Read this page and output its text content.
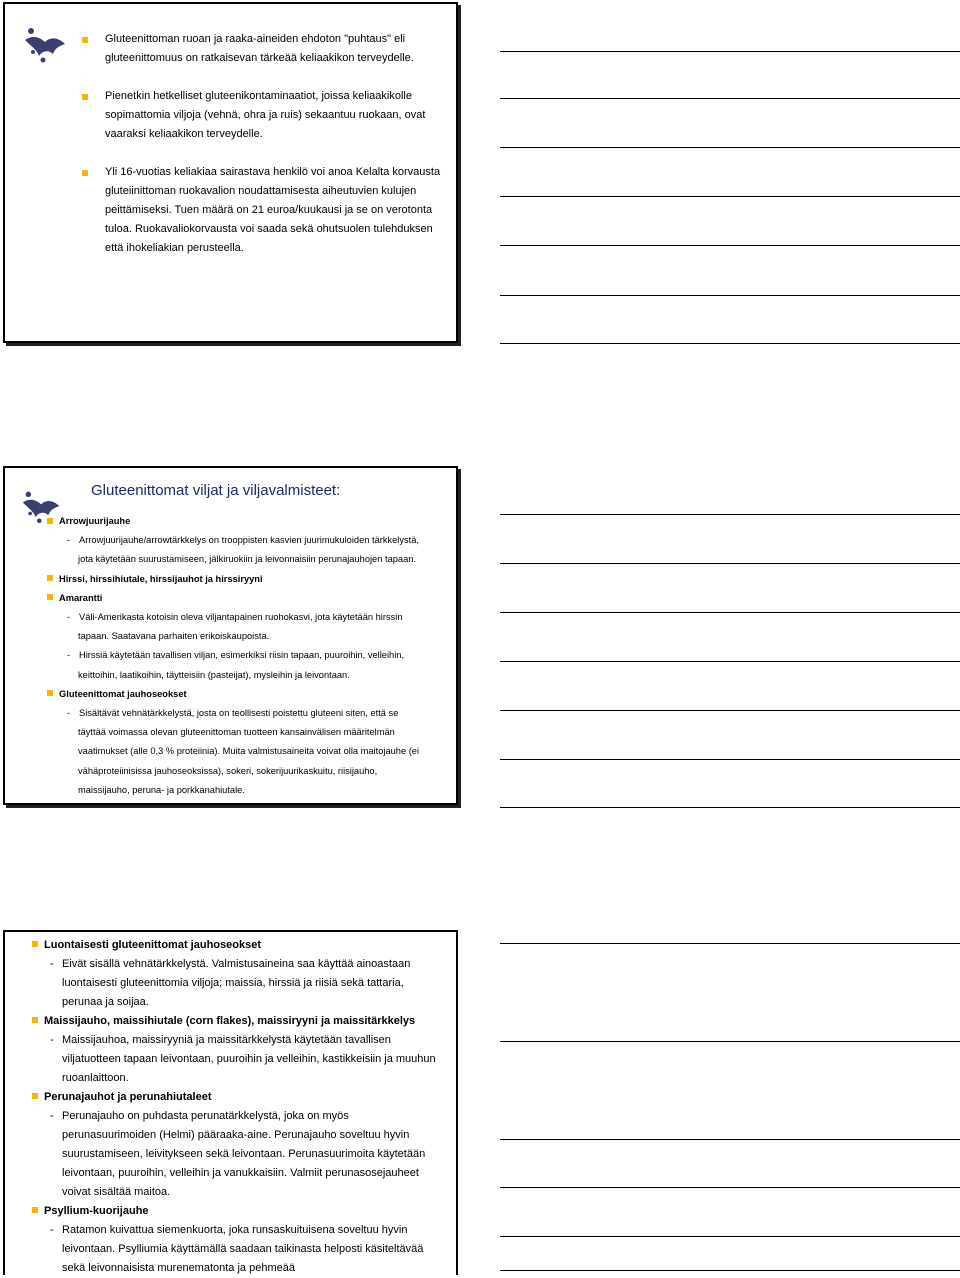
Gluteenittoman ruoan ja raaka-aineiden ehdoton "puhtaus" eli gluteenittomuus on ratkaisevan tärkeää keliaakikon terveydelle.
Pienetkin hetkelliset gluteenikontaminaatiot, joissa keliaakikolle sopimattomia viljoja (vehnä, ohra ja ruis) sekaantuu ruokaan, ovat vaaraksi keliaakikon terveydelle.
Yli 16-vuotias keliakiaa sairastava henkilö voi anoa Kelalta korvausta gluteiinittoman ruokavalion noudattamisesta aiheutuvien kulujen peittämiseksi. Tuen määrä on 21 euroa/kuukausi ja se on verotonta tuloa. Ruokavaliokorvausta voi saada sekä ohutsuolen tulehduksen että ihokeliakian perusteella.
Gluteenittomat viljat ja viljavalmisteet:
Arrowjuurijauhe
- Arrowjuurijauhe/arrowtärkkelys on trooppisten kasvien juurimukuloiden tärkkelystä,
jota käytetään suurustamiseen, jälkiruokiin ja leivonnaisiin perunajauhojen tapaan.
Hirssi, hirssihiutale, hirssijauhot ja hirssiryyni
Amarantti
- Väli-Amerikasta kotoisin oleva viljantapainen ruohokasvi, jota käytetään hirssin
tapaan. Saatavana parhaiten erikoiskaupoista.
- Hirssiä käytetään tavallisen viljan, esimerkiksi riisin tapaan, puuroihin, velleihin,
keittoihin, laatikoihin, täytteisiin (pasteijat), mysleihin ja leivontaan.
Gluteenittomat jauhoseokset
- Sisältävät vehnätärkkelystä, josta on teollisesti poistettu gluteeni siten, että se
täyttää voimassa olevan gluteenittoman tuotteen kansainvälisen määritelmän
vaatimukset (alle 0,3 % proteiinia). Muita valmistusaineita voivat olla maitojauhe (ei
vähäproteiinisissa jauhoseoksissa), sokeri, sokerijuurikaskuitu, riisijauho,
maissijauho, peruna- ja porkkanahiutale.
Luontaisesti gluteenittomat jauhoseokset
- Eivät sisällä vehnätärkkelystä. Valmistusaineina saa käyttää ainoastaan
luontaisesti gluteenittomia viljoja; maissia, hirssiä ja riisiä sekä tattaria,
perunaa ja soijaa.
Maissijauho, maissihiutale (corn flakes), maissiryyni ja maissitärkkelys
- Maissijauhoa, maissiryyniä ja maissitärkkelystä käytetään tavallisen
viljatuotteen tapaan leivontaan, puuroihin ja velleihin, kastikkeisiin ja muuhun
ruoanlaittoon.
Perunajauhot ja perunahiutaleet
- Perunajauho on puhdasta perunatärkkelystä, joka on myös
perunasuurimoiden (Helmi) pääraaka-aine. Perunajauho soveltuu hyvin
suurustamiseen, leivitykseen sekä leivontaan. Perunasuurimoita käytetään
leivontaan, puuroihin, velleihin ja vanukkaisiin. Valmiit perunasosejauheet
voivat sisältää maitoa.
Psyllium-kuorijauhe
- Ratamon kuivattua siemenkuorta, joka runsaskuituisena soveltuu hyvin
leivontaan. Psylliumia käyttämällä saadaan taikinasta helposti käsiteltävää
sekä leivonnaisista murenematonta ja pehmeää
